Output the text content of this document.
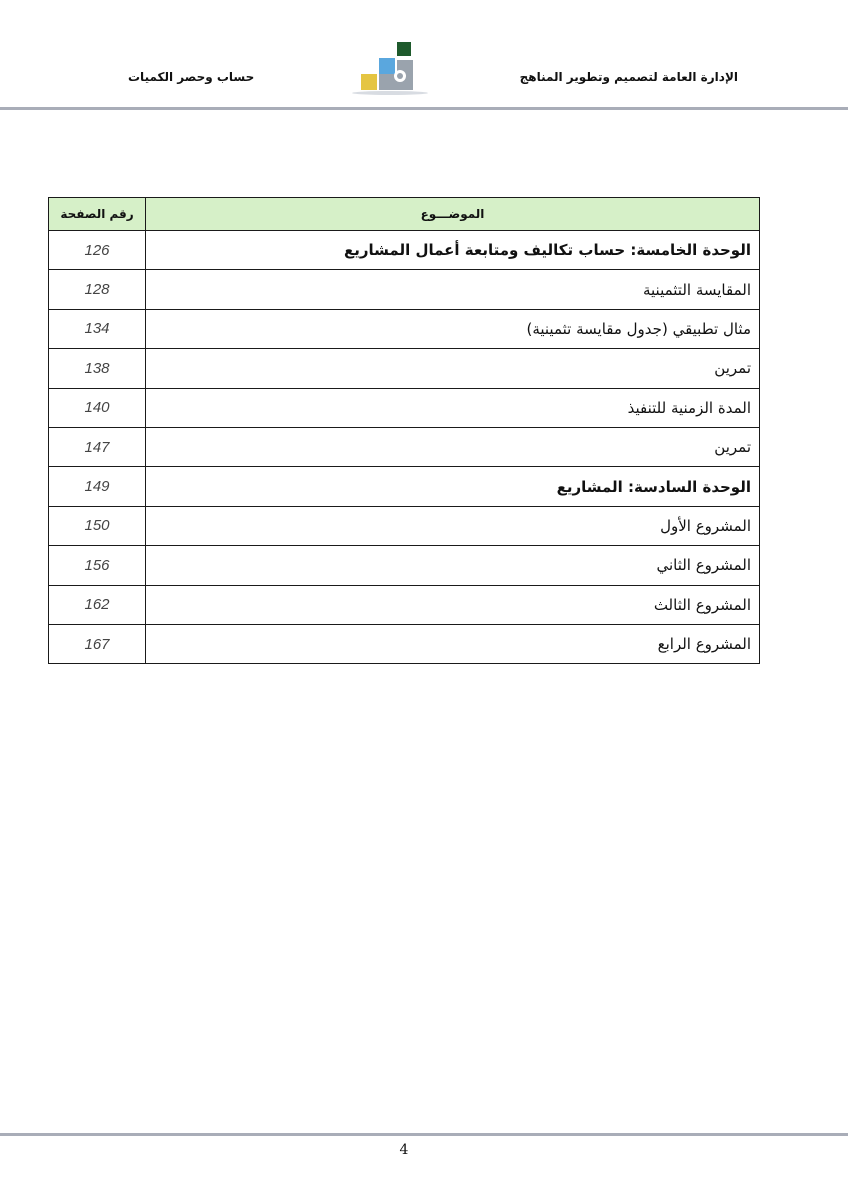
الإدارة العامة لتصميم وتطوير المناهج
حساب وحصر الكميات
الموضـــوع	رقم الصفحة
الوحدة الخامسة: حساب تكاليف ومتابعة أعمال المشاريع	126
المقايسة التثمينية	128
مثال تطبيقي (جدول مقايسة تثمينية)	134
تمرين	138
المدة الزمنية للتنفيذ	140
تمرين	147
الوحدة السادسة: المشاريع	149
المشروع الأول	150
المشروع الثاني	156
المشروع الثالث	162
المشروع الرابع	167
4
